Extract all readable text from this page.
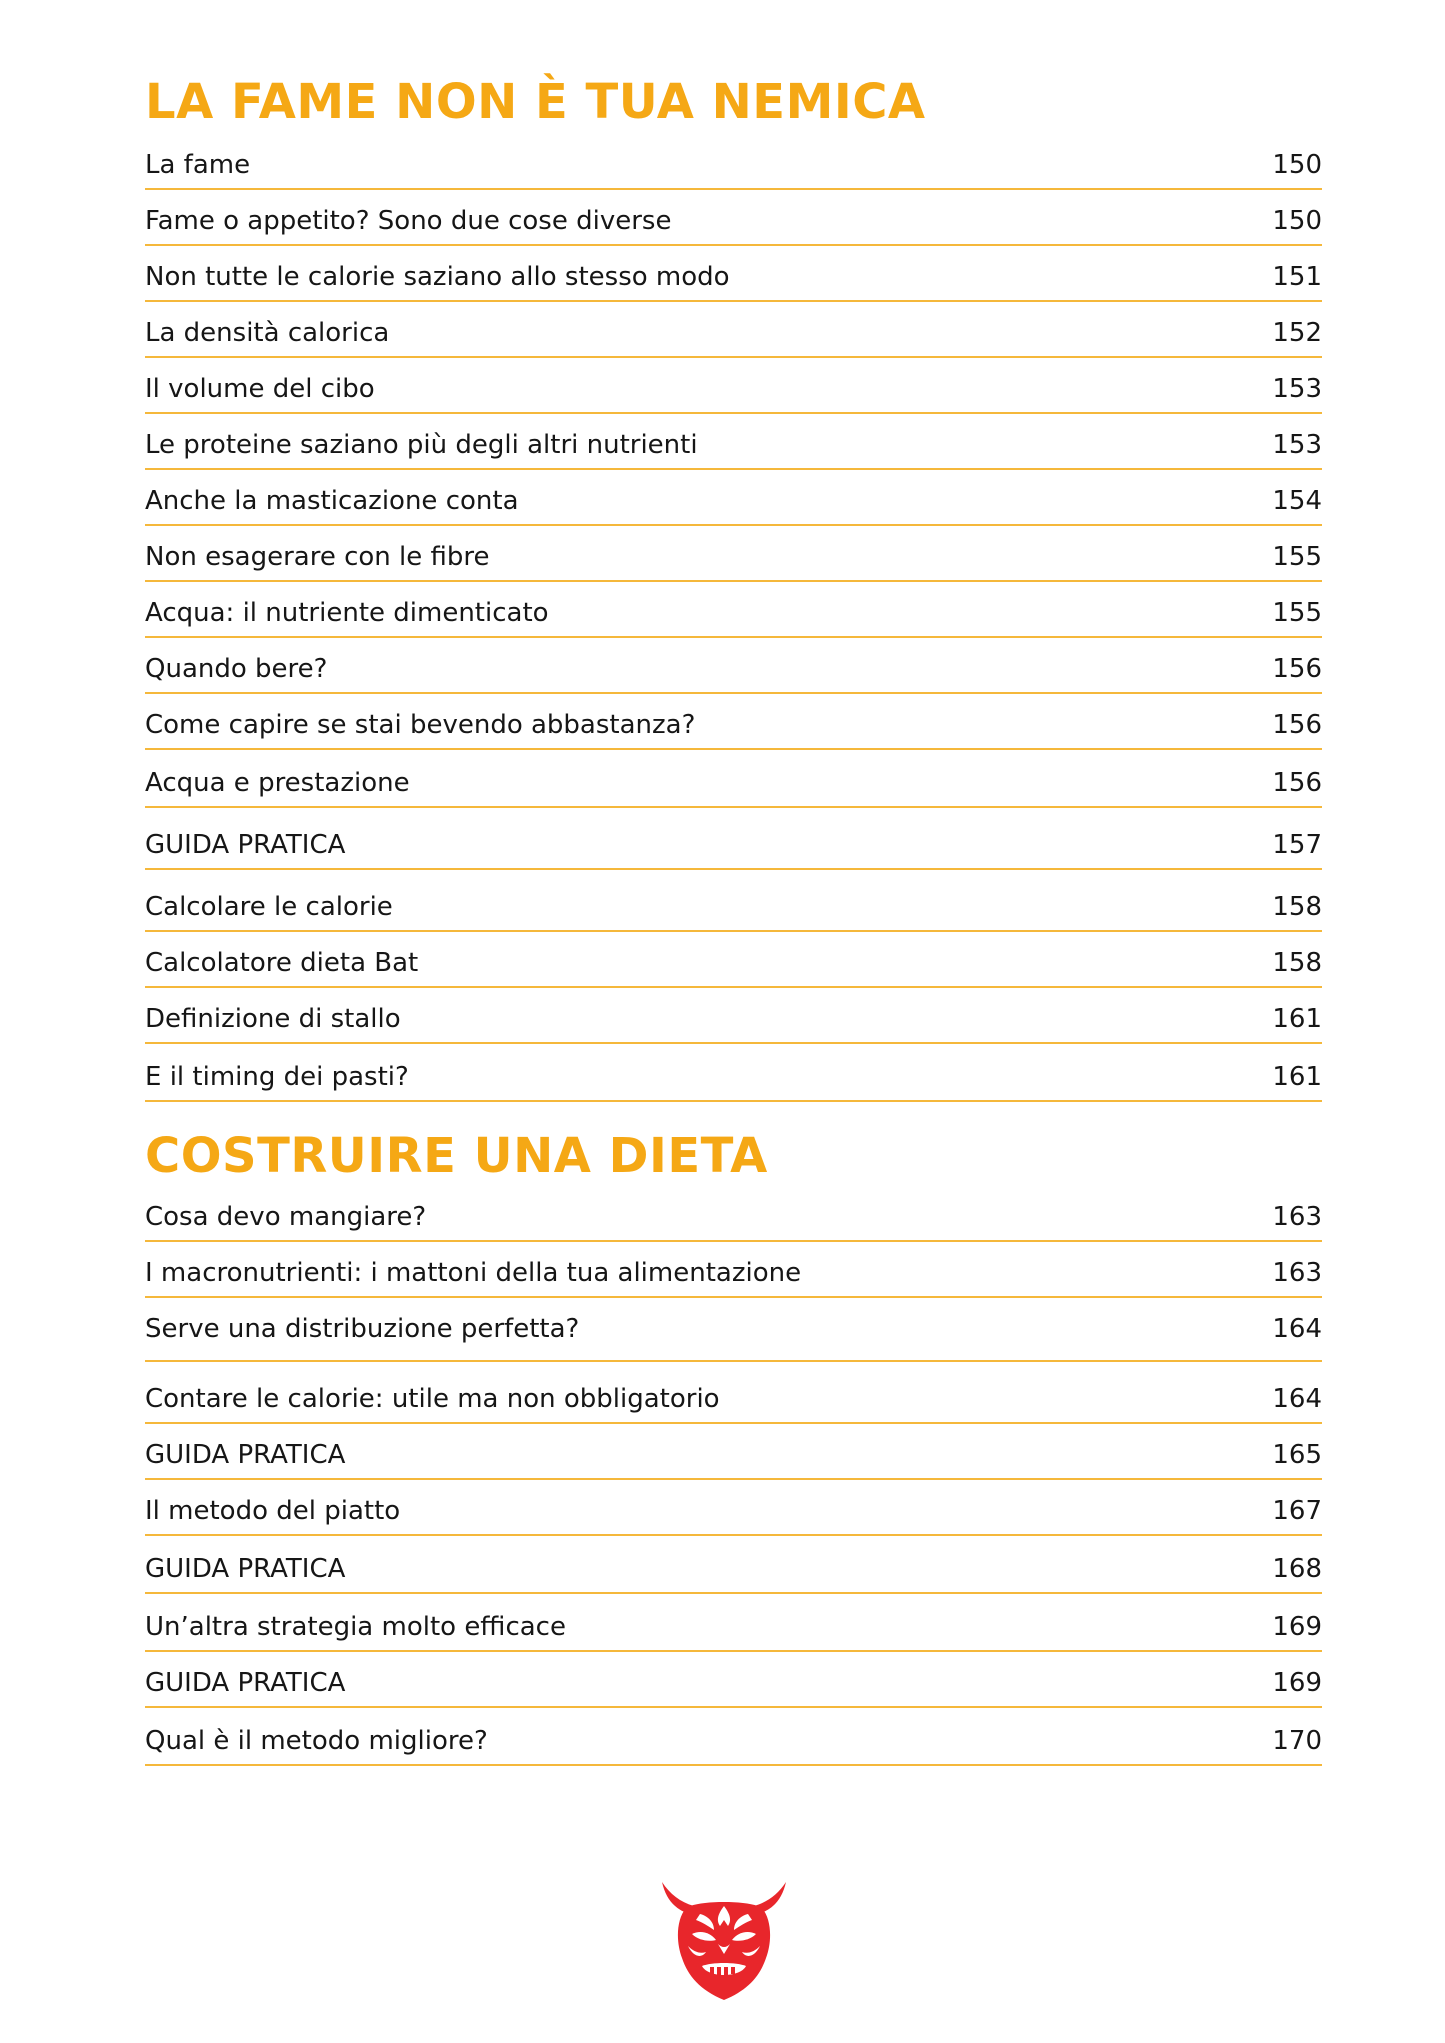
LA FAME NON È TUA NEMICA
La fame	150
Fame o appetito? Sono due cose diverse	150
Non tutte le calorie saziano allo stesso modo	151
La densità calorica	152
Il volume del cibo	153
Le proteine saziano più degli altri nutrienti	153
Anche la masticazione conta	154
Non esagerare con le fibre	155
Acqua: il nutriente dimenticato	155
Quando bere?	156
Come capire se stai bevendo abbastanza?	156
Acqua e prestazione	156
GUIDA PRATICA	157
Calcolare le calorie	158
Calcolatore dieta Bat	158
Definizione di stallo	161
E il timing dei pasti?	161
COSTRUIRE UNA DIETA
Cosa devo mangiare?	163
I macronutrienti: i mattoni della tua alimentazione	163
Serve una distribuzione perfetta?	164
Contare le calorie: utile ma non obbligatorio	164
GUIDA PRATICA	165
Il metodo del piatto	167
GUIDA PRATICA	168
Un’altra strategia molto efficace	169
GUIDA PRATICA	169
Qual è il metodo migliore?	170
